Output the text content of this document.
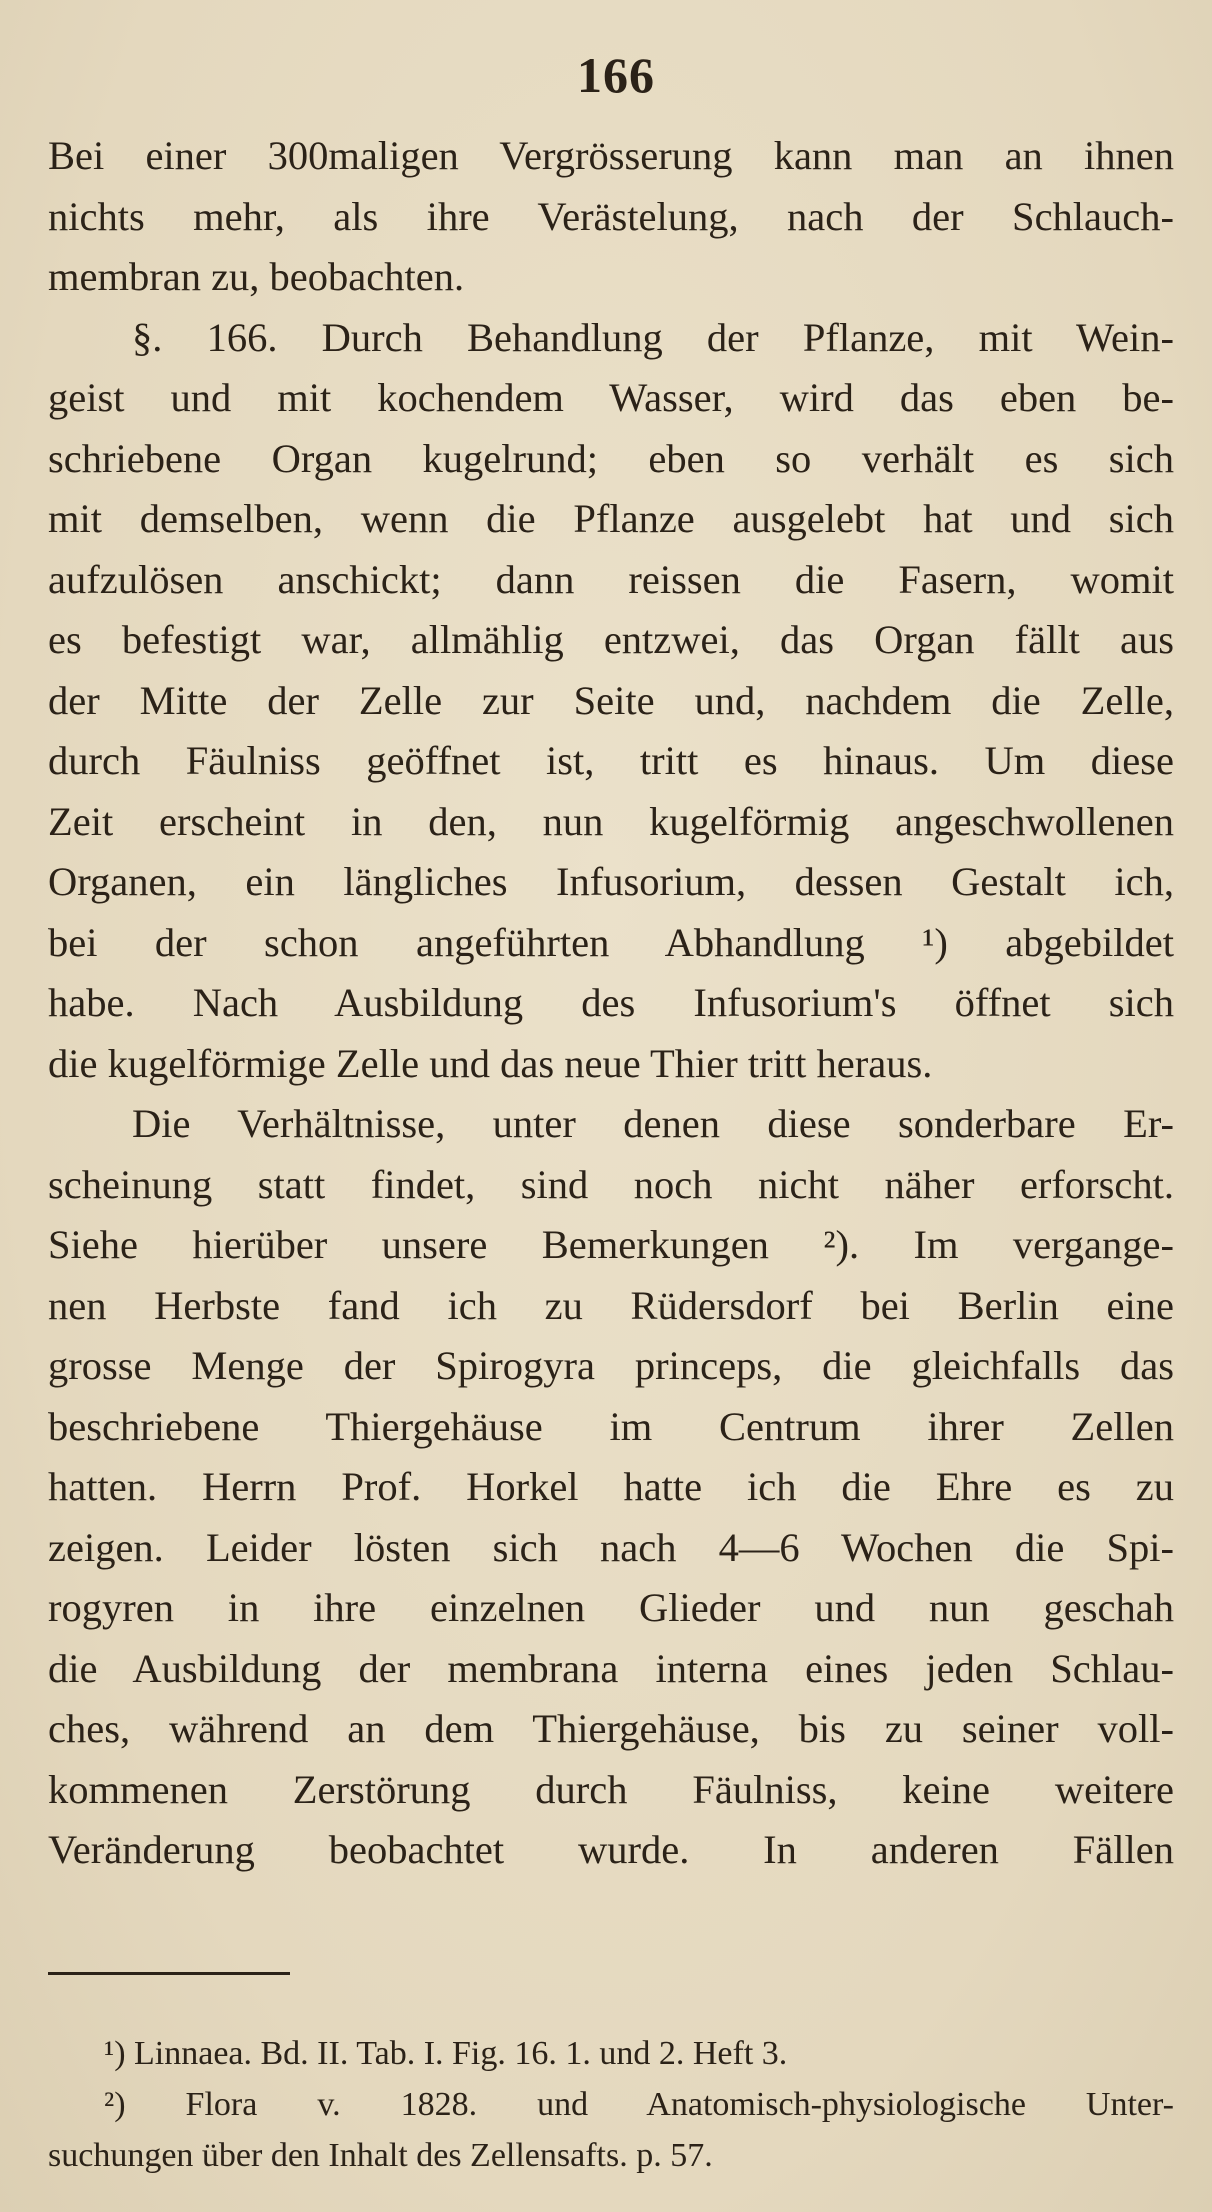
166

Bei einer 300maligen Vergrösserung kann man an ihnen

nichts mehr, als ihre Verästelung, nach der Schlauch-

membran zu, beobachten.

§. 166. Durch Behandlung der Pflanze, mit Wein-

geist und mit kochendem Wasser, wird das eben be-

schriebene Organ kugelrund; eben so verhält es sich

mit demselben, wenn die Pflanze ausgelebt hat und sich

aufzulösen anschickt; dann reissen die Fasern, womit

es befestigt war, allmählig entzwei, das Organ fällt aus

der Mitte der Zelle zur Seite und, nachdem die Zelle,

durch Fäulniss geöffnet ist, tritt es hinaus. Um diese

Zeit erscheint in den, nun kugelförmig angeschwollenen

Organen, ein längliches Infusorium, dessen Gestalt ich,

bei der schon angeführten Abhandlung ¹) abgebildet

habe. Nach Ausbildung des Infusorium's öffnet sich

die kugelförmige Zelle und das neue Thier tritt heraus.

Die Verhältnisse, unter denen diese sonderbare Er-

scheinung statt findet, sind noch nicht näher erforscht.

Siehe hierüber unsere Bemerkungen ²). Im vergange-

nen Herbste fand ich zu Rüdersdorf bei Berlin eine

grosse Menge der Spirogyra princeps, die gleichfalls das

beschriebene Thiergehäuse im Centrum ihrer Zellen

hatten. Herrn Prof. Horkel hatte ich die Ehre es zu

zeigen. Leider lösten sich nach 4—6 Wochen die Spi-

rogyren in ihre einzelnen Glieder und nun geschah

die Ausbildung der membrana interna eines jeden Schlau-

ches, während an dem Thiergehäuse, bis zu seiner voll-

kommenen Zerstörung durch Fäulniss, keine weitere

Veränderung beobachtet wurde. In anderen Fällen

¹) Linnaea. Bd. II. Tab. I. Fig. 16. 1. und 2. Heft 3.

²) Flora v. 1828. und Anatomisch-physiologische Unter-

suchungen über den Inhalt des Zellensafts. p. 57.
